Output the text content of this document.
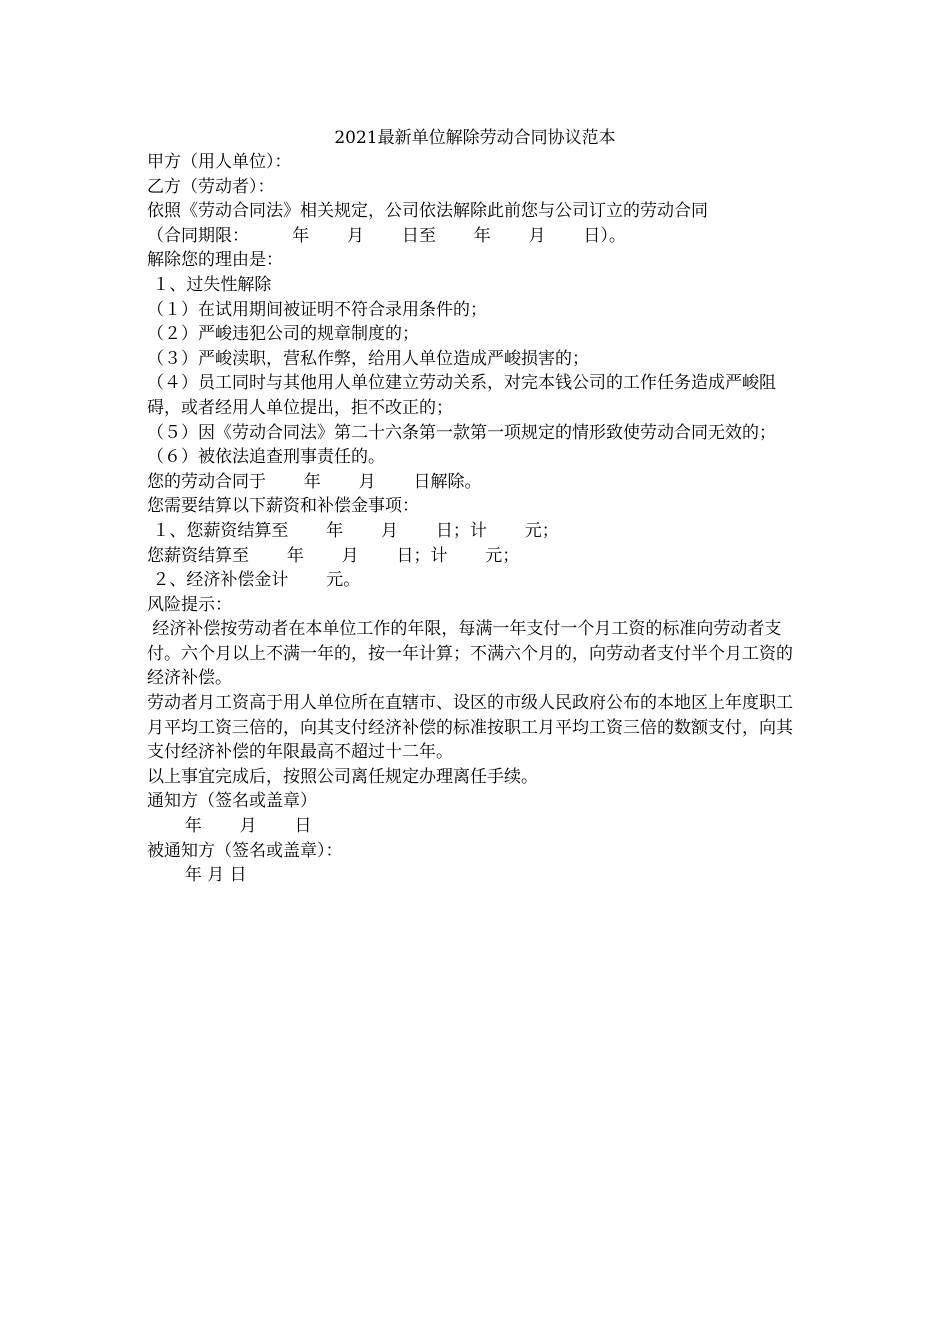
2021最新单位解除劳动合同协议范本

甲方（用人单位）：

乙方（劳动者）：

依照《劳动合同法》相关规定，公司依法解除此前您与公司订立的劳动合同

（合同期限：        年       月       日至       年       月       日）。

解除您的理由是：

１、过失性解除

（１）在试用期间被证明不符合录用条件的；

（２）严峻违犯公司的规章制度的；

（３）严峻渎职，营私作弊，给用人单位造成严峻损害的；

（４）员工同时与其他用人单位建立劳动关系，对完本钱公司的工作任务造成严峻阻碍，或者经用人单位提出，拒不改正的；

（５）因《劳动合同法》第二十六条第一款第一项规定的情形致使劳动合同无效的；

（６）被依法追查刑事责任的。

您的劳动合同于       年       月       日解除。

您需要结算以下薪资和补偿金事项：

１、您薪资结算至       年       月       日；计       元；

您薪资结算至       年       月       日；计       元；

２、经济补偿金计       元。

风险提示：

经济补偿按劳动者在本单位工作的年限，每满一年支付一个月工资的标准向劳动者支付。六个月以上不满一年的，按一年计算；不满六个月的，向劳动者支付半个月工资的经济补偿。

劳动者月工资高于用人单位所在直辖市、设区的市级人民政府公布的本地区上年度职工月平均工资三倍的，向其支付经济补偿的标准按职工月平均工资三倍的数额支付，向其支付经济补偿的年限最高不超过十二年。

以上事宜完成后，按照公司离任规定办理离任手续。

通知方（签名或盖章）

年       月       日

被通知方（签名或盖章）：

年 月 日
